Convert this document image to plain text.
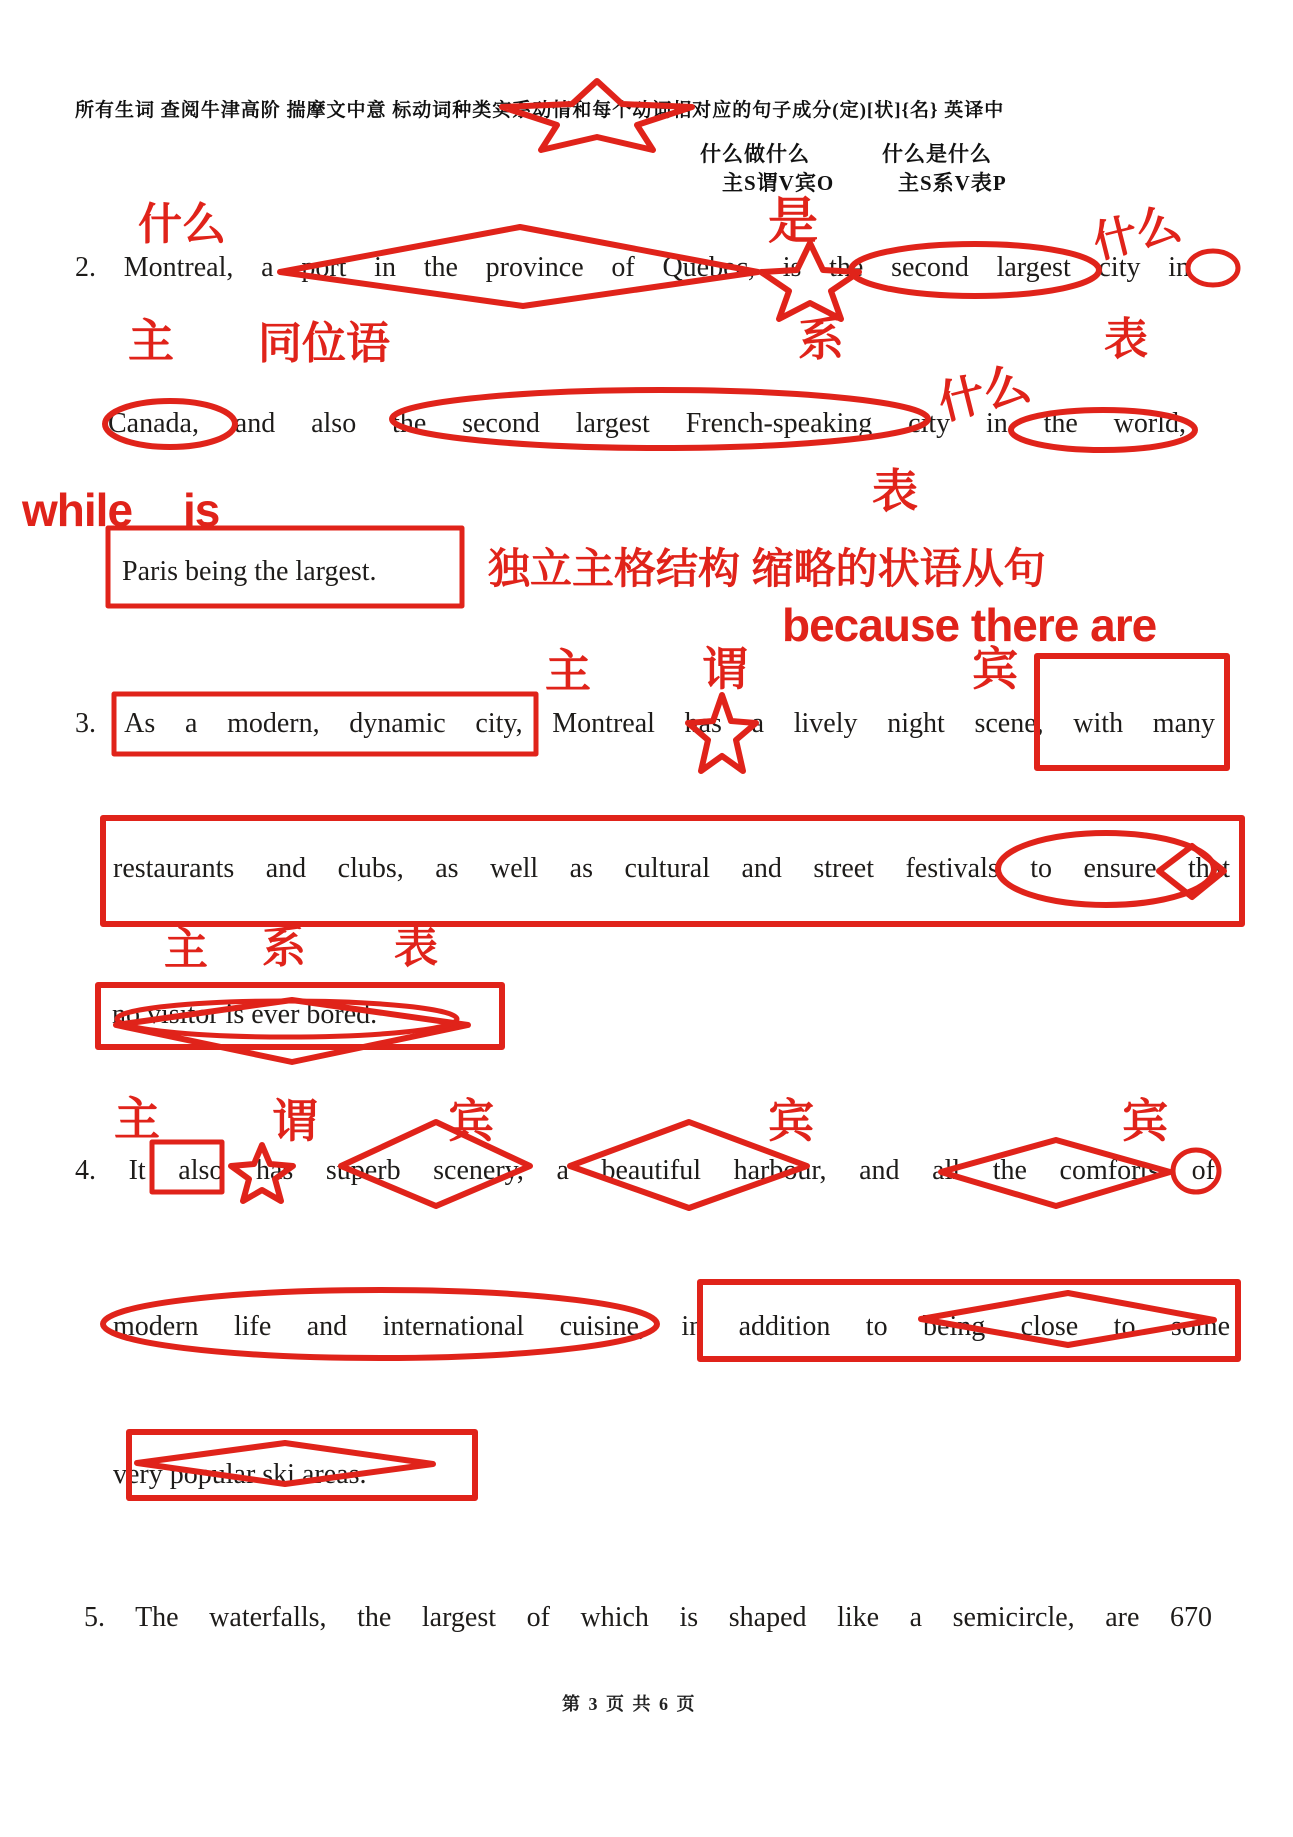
所有生词 查阅牛津高阶 揣摩文中意 标动词种类实系动情和每个动词相对应的句子成分(定)[状]{名} 英译中
什么做什么	什么是什么
主S谓V宾O	主S系V表P
2. Montreal, a port in the province of Quebec, is the second largest city in
Canada, and also the second largest French-speaking city in the world,
Paris being the largest.
3. As a modern, dynamic city, Montreal has a lively night scene, with many
restaurants and clubs, as well as cultural and street festivals to ensure that
no visitor is ever bored.
4. It also has superb scenery, a beautiful harbour, and all the comforts of
modern life and international cuisine, in addition to being close to some
very popular ski areas.
5. The waterfalls, the largest of which is shaped like a semicircle, are 670
第 3 页 共 6 页
什么	是	什么
主 同位语	系	表
什么
表
while is
独立主格结构 缩略的状语从句
because there are
主 谓	宾
主 系 表
主 谓	宾	宾	宾
